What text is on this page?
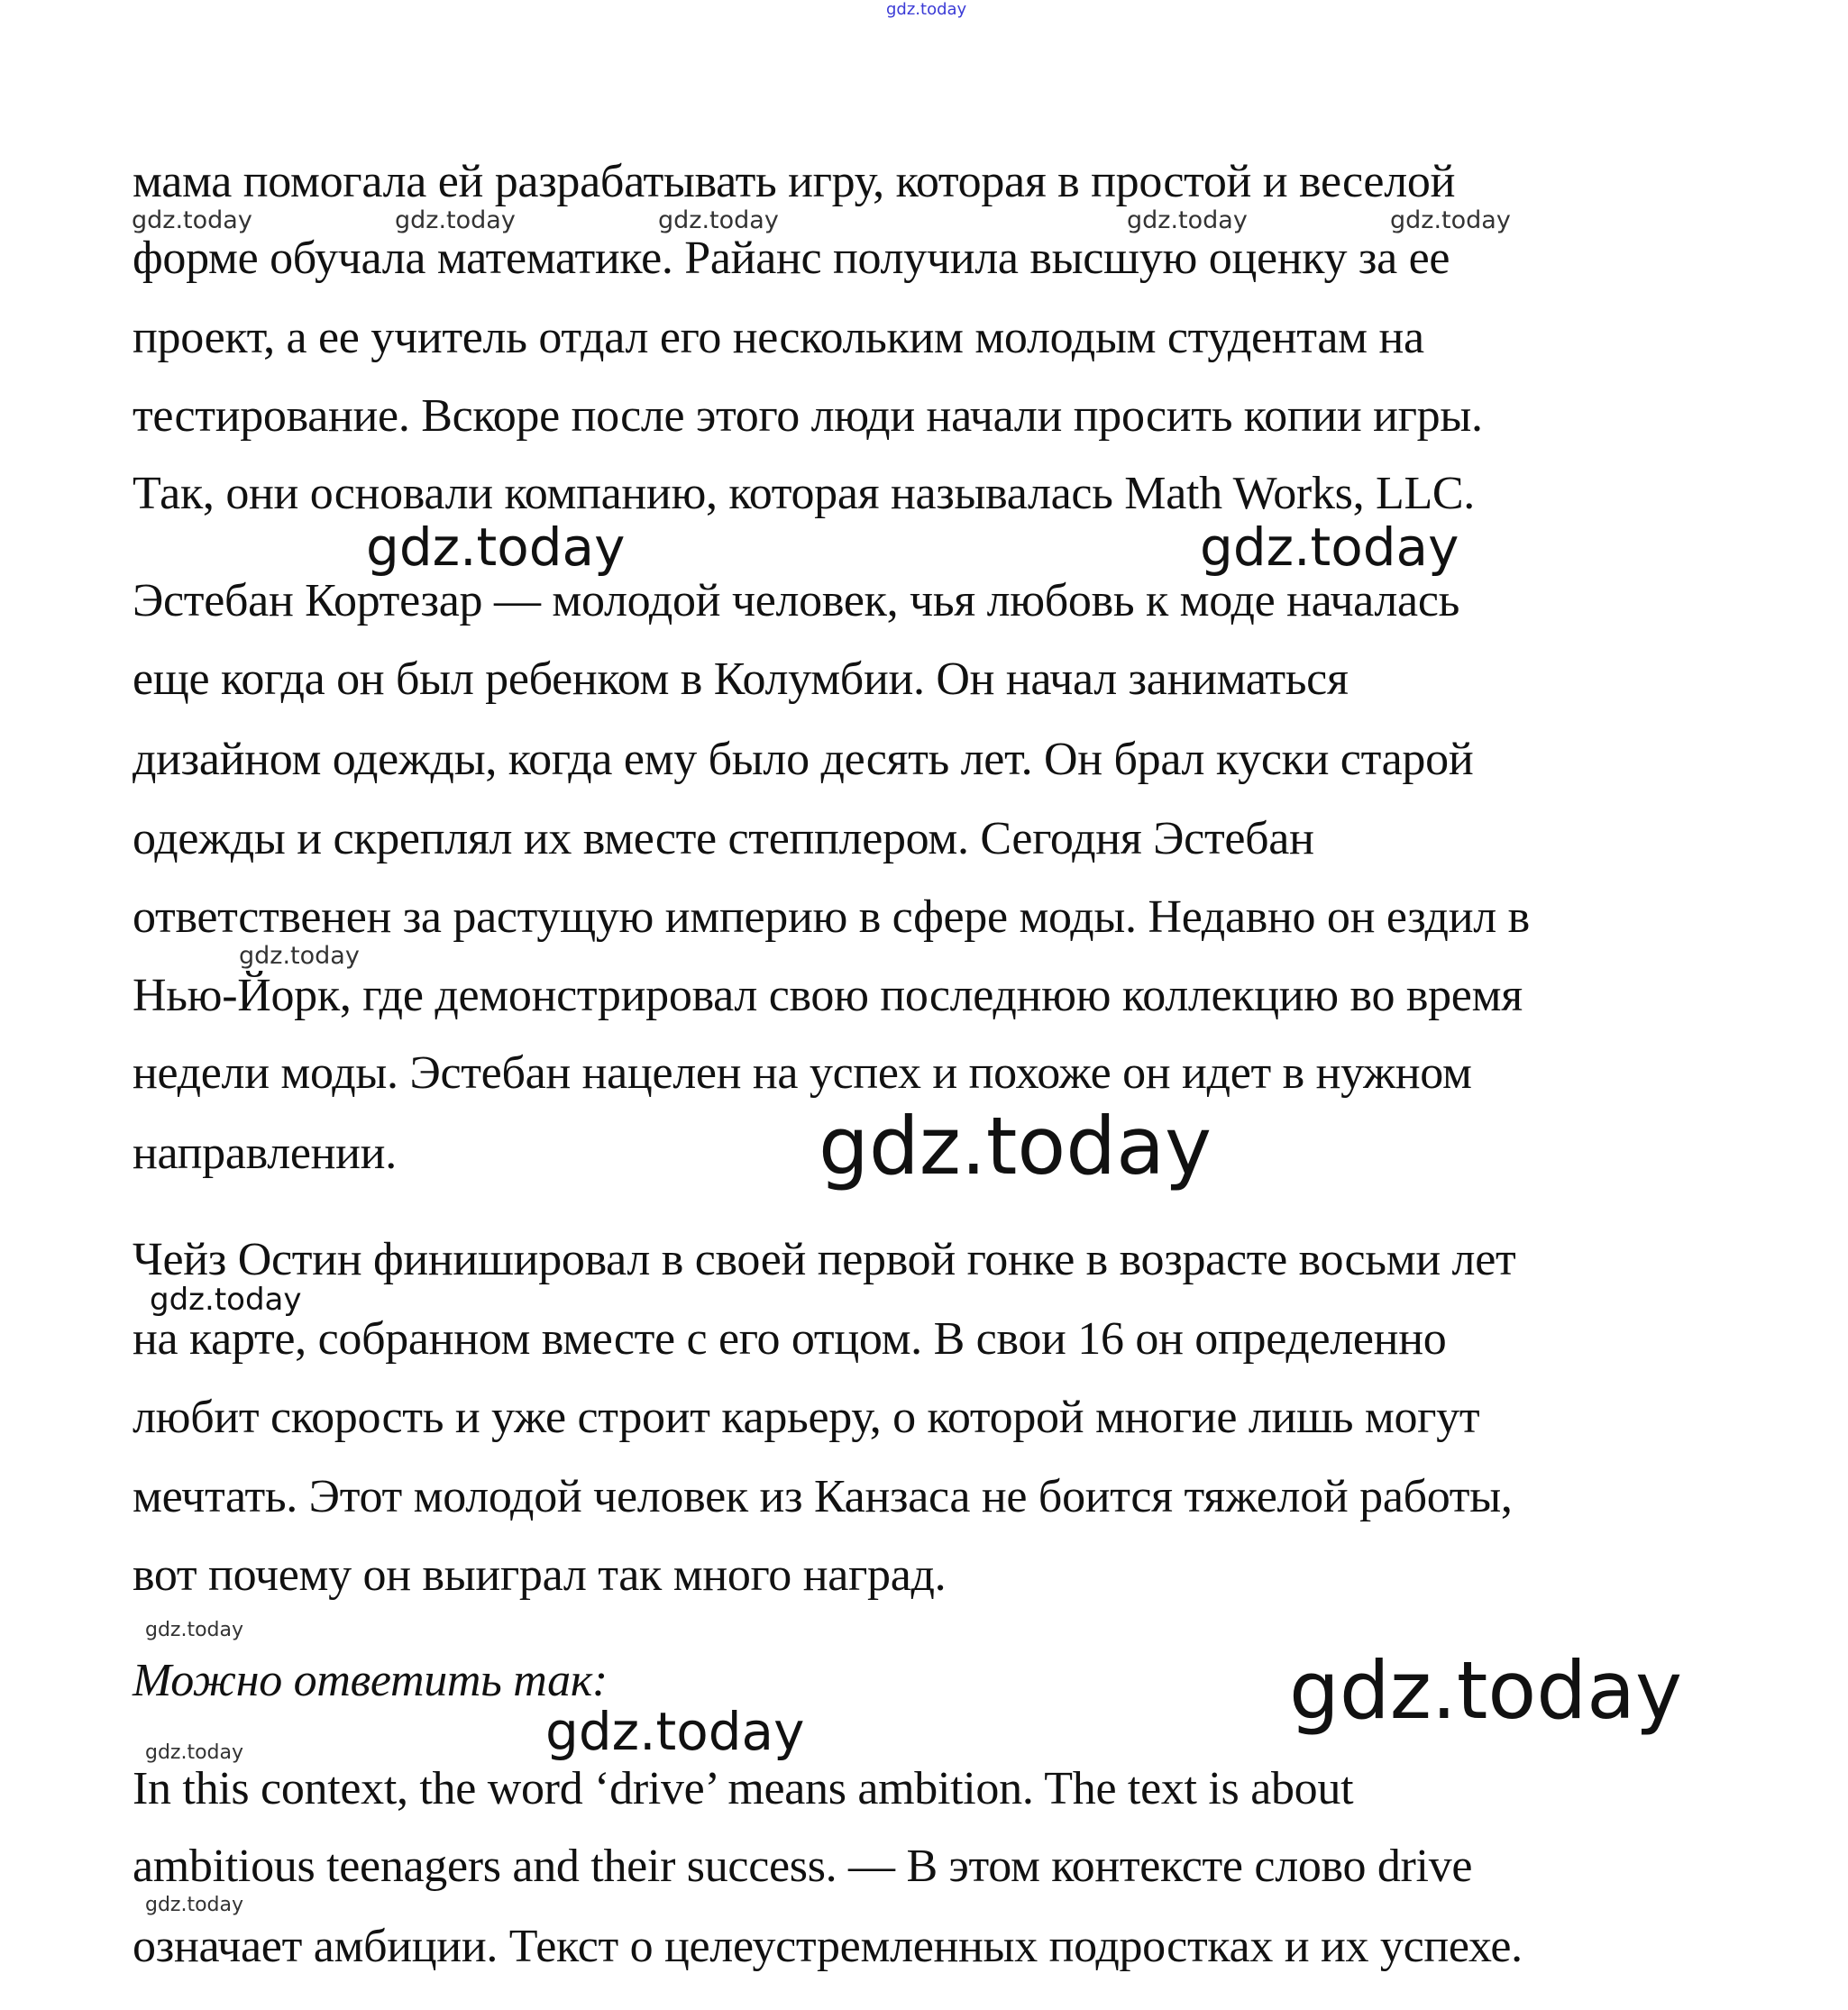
gdz.today
мама помогала ей разрабатывать игру, которая в простой и веселой
форме обучала математике. Райанс получила высшую оценку за ее
проект, а ее учитель отдал его нескольким молодым студентам на
тестирование. Вскоре после этого люди начали просить копии игры.
Так, они основали компанию, которая называлась Math Works, LLC.
Эстебан Кортезар — молодой человек, чья любовь к моде началась
еще когда он был ребенком в Колумбии. Он начал заниматься
дизайном одежды, когда ему было десять лет. Он брал куски старой
одежды и скреплял их вместе степплером. Сегодня Эстебан
ответственен за растущую империю в сфере моды. Недавно он ездил в
Нью-Йорк, где демонстрировал свою последнюю коллекцию во время
недели моды. Эстебан нацелен на успех и похоже он идет в нужном
направлении.
Чейз Остин финишировал в своей первой гонке в возрасте восьми лет
на карте, собранном вместе с его отцом. В свои 16 он определенно
любит скорость и уже строит карьеру, о которой многие лишь могут
мечтать. Этот молодой человек из Канзаса не боится тяжелой работы,
вот почему он выиграл так много наград.
Можно ответить так:
In this context, the word ‘drive’ means ambition. The text is about
ambitious teenagers and their success. — В этом контексте слово drive
означает амбиции. Текст о целеустремленных подростках и их успехе.
gdz.today	gdz.today	gdz.today	gdz.today	gdz.today
gdz.today	gdz.today
gdz.today
gdz.today
gdz.today
gdz.today
gdz.today
gdz.today
gdz.today
gdz.today
